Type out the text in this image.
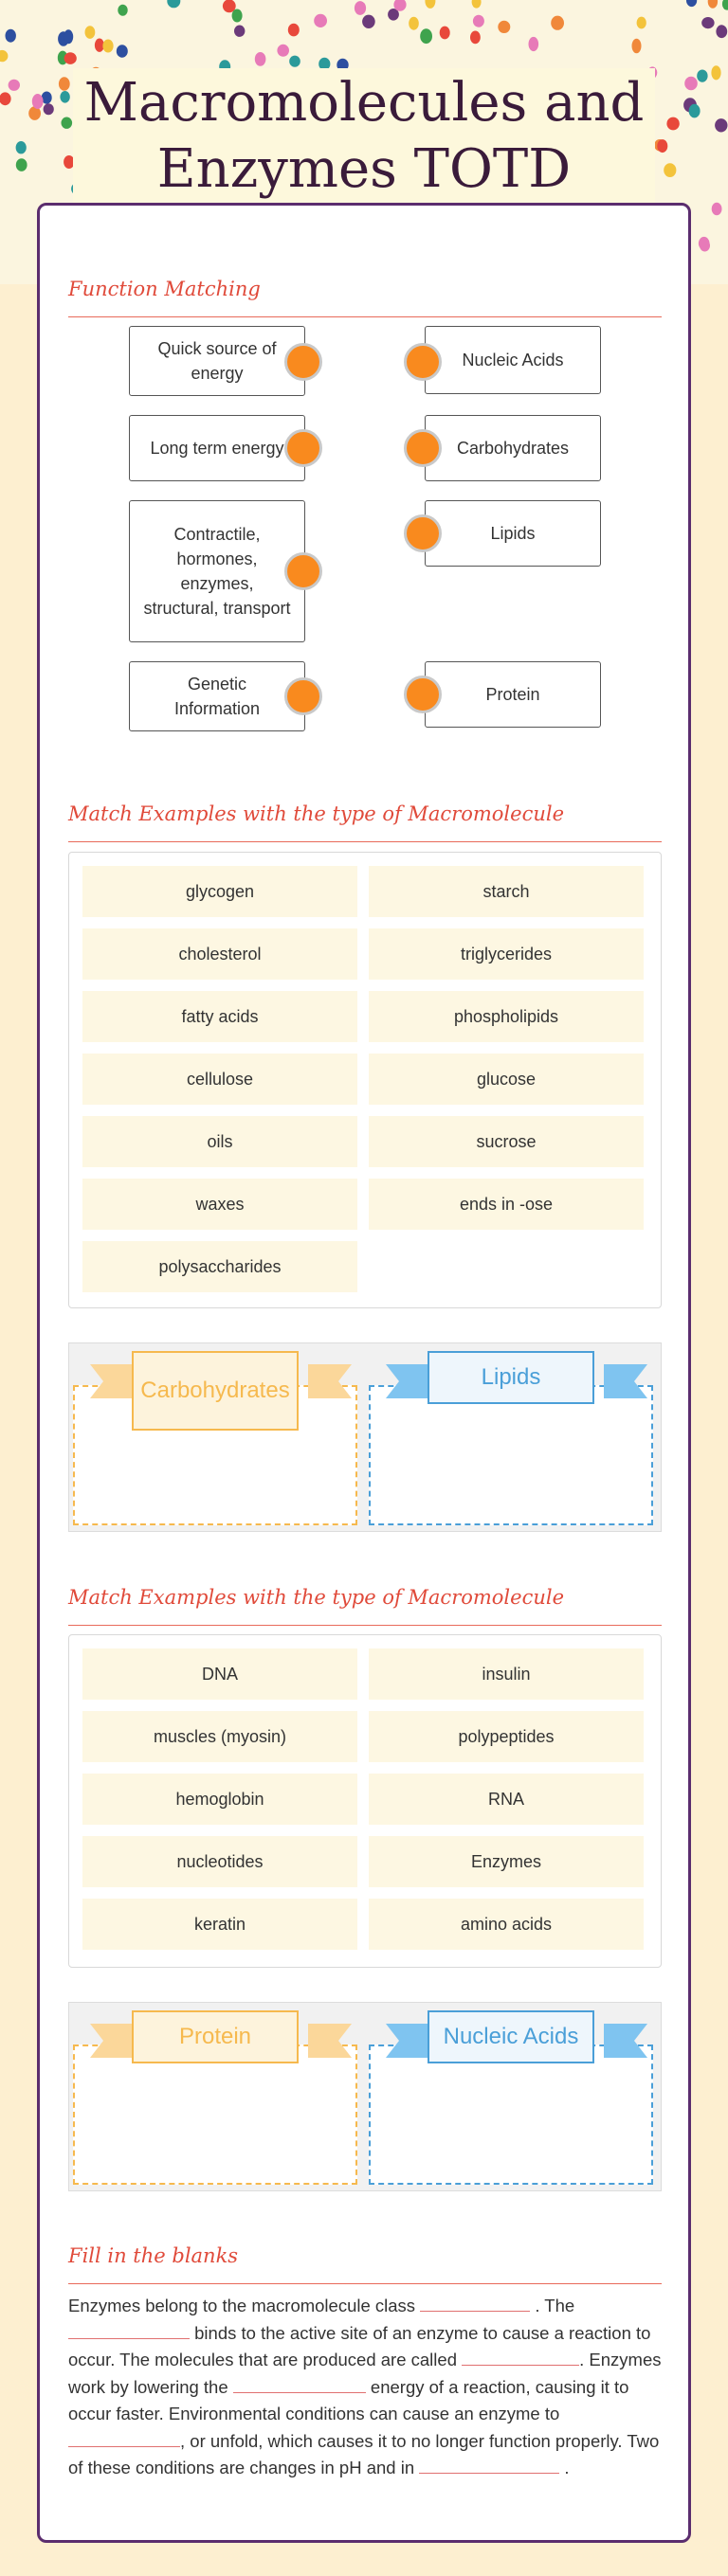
Macromolecules and Enzymes TOTD
Function Matching
Quick source of energy
Long term energy
Contractile, hormones, enzymes, structural, transport
Genetic Information
Nucleic Acids
Carbohydrates
Lipids
Protein
Match Examples with the type of Macromolecule
glycogen	starch
cholesterol	triglycerides
fatty acids	phospholipids
cellulose	glucose
oils	sucrose
waxes	ends in -ose
polysaccharides
Carbohydrates
Lipids
Match Examples with the type of Macromolecule
DNA	insulin
muscles (myosin)	polypeptides
hemoglobin	RNA
nucleotides	Enzymes
keratin	amino acids
Protein	Nucleic Acids
Fill in the blanks
Enzymes belong to the macromolecule class	. The  binds to the active site of an enzyme to cause a reaction to occur. The molecules that are produced are called	. Enzymes work by lowering the	energy of a reaction, causing it to occur faster. Environmental conditions can cause an enzyme to , or unfold, which causes it to no longer function properly. Two of these conditions are changes in pH and in	.
